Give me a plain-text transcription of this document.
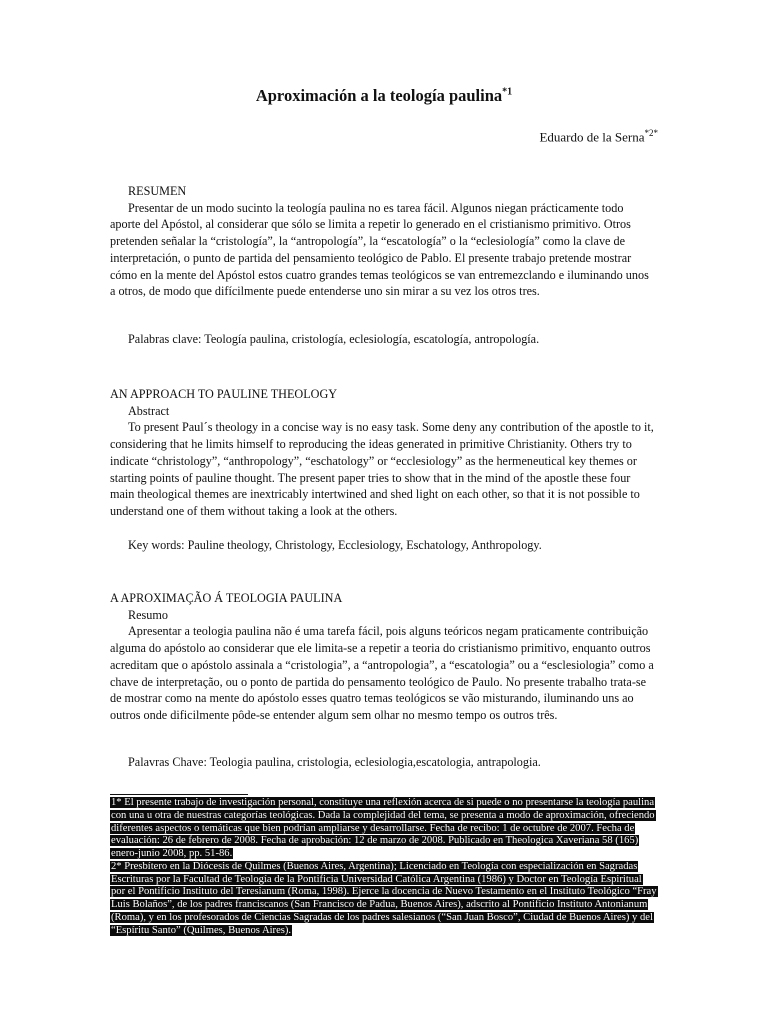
Aproximación a la teología paulina$^{*1}$
Eduardo de la Serna$^{*2*}$
RESUMEN
Presentar de un modo sucinto la teología paulina no es tarea fácil. Algunos niegan prácticamente todo aporte del Apóstol, al considerar que sólo se limita a repetir lo generado en el cristianismo primitivo. Otros pretenden señalar la “cristología”, la “antropología”, la “escatología” o la “eclesiología” como la clave de interpretación, o punto de partida del pensamiento teológico de Pablo. El presente trabajo pretende mostrar cómo en la mente del Apóstol estos cuatro grandes temas teológicos se van entremezclando e iluminando unos a otros, de modo que difícilmente puede entenderse uno sin mirar a su vez los otros tres.
Palabras clave: Teología paulina, cristología, eclesiología, escatología, antropología.
AN APPROACH TO PAULINE THEOLOGY
Abstract
To present Paul´s theology in a concise way is no easy task. Some deny any contribution of the apostle to it, considering that he limits himself to reproducing the ideas generated in primitive Christianity. Others try to indicate “christology”, “anthropology”, “eschatology” or “ecclesiology” as the hermeneutical key themes or starting points of pauline thought. The present paper tries to show that in the mind of the apostle these four main theological themes are inextricably intertwined and shed light on each other, so that it is not possible to understand one of them without taking a look at the others.
Key words: Pauline theology, Christology, Ecclesiology, Eschatology, Anthropology.
A APROXIMAÇÃO Á TEOLOGIA PAULINA
Resumo
Apresentar a teologia paulina não é uma tarefa fácil, pois alguns teóricos negam praticamente contribuição alguma do apóstolo ao considerar que ele limita-se a repetir a teoria do cristianismo primitivo, enquanto outros acreditam que o apóstolo assinala a “cristologia”, a “antropologia”, a “escatologia” ou a “esclesiologia” como a chave de interpretação, ou o ponto de partida do pensamento teológico de Paulo. No presente trabalho trata-se de mostrar como na mente do apóstolo esses quatro temas teológicos se vão misturando, iluminando uns ao outros onde dificilmente pôde-se entender algum sem olhar no mesmo tempo os outros três.
Palavras Chave: Teologia paulina, cristologia, eclesiologia,escatologia, antrapologia.
1* El presente trabajo de investigación personal, constituye una reflexión acerca de si puede o no presentarse la teología paulina con una u otra de nuestras categorías teológicas. Dada la complejidad del tema, se presenta a modo de aproximación, ofreciendo diferentes aspectos o temáticas que bien podrían ampliarse y desarrollarse. Fecha de recibo: 1 de octubre de 2007. Fecha de evaluación: 26 de febrero de 2008. Fecha de aprobación: 12 de marzo de 2008. Publicado en Theologica Xaveriana 58 (165) enero-junio 2008, pp. 51-86.
2* Presbítero en la Diócesis de Quilmes (Buenos Aires, Argentina); Licenciado en Teología con especialización en Sagradas Escrituras por la Facultad de Teología de la Pontificia Universidad Católica Argentina (1986) y Doctor en Teología Espiritual por el Pontificio Instituto del Teresianum (Roma, 1998). Ejerce la docencia de Nuevo Testamento en el Instituto Teológico “Fray Luis Bolaños”, de los padres franciscanos (San Francisco de Padua, Buenos Aires), adscrito al Pontificio Instituto Antonianum (Roma), y en los profesorados de Ciencias Sagradas de los padres salesianos (“San Juan Bosco”, Ciudad de Buenos Aires) y del “Espíritu Santo” (Quilmes, Buenos Aires).
